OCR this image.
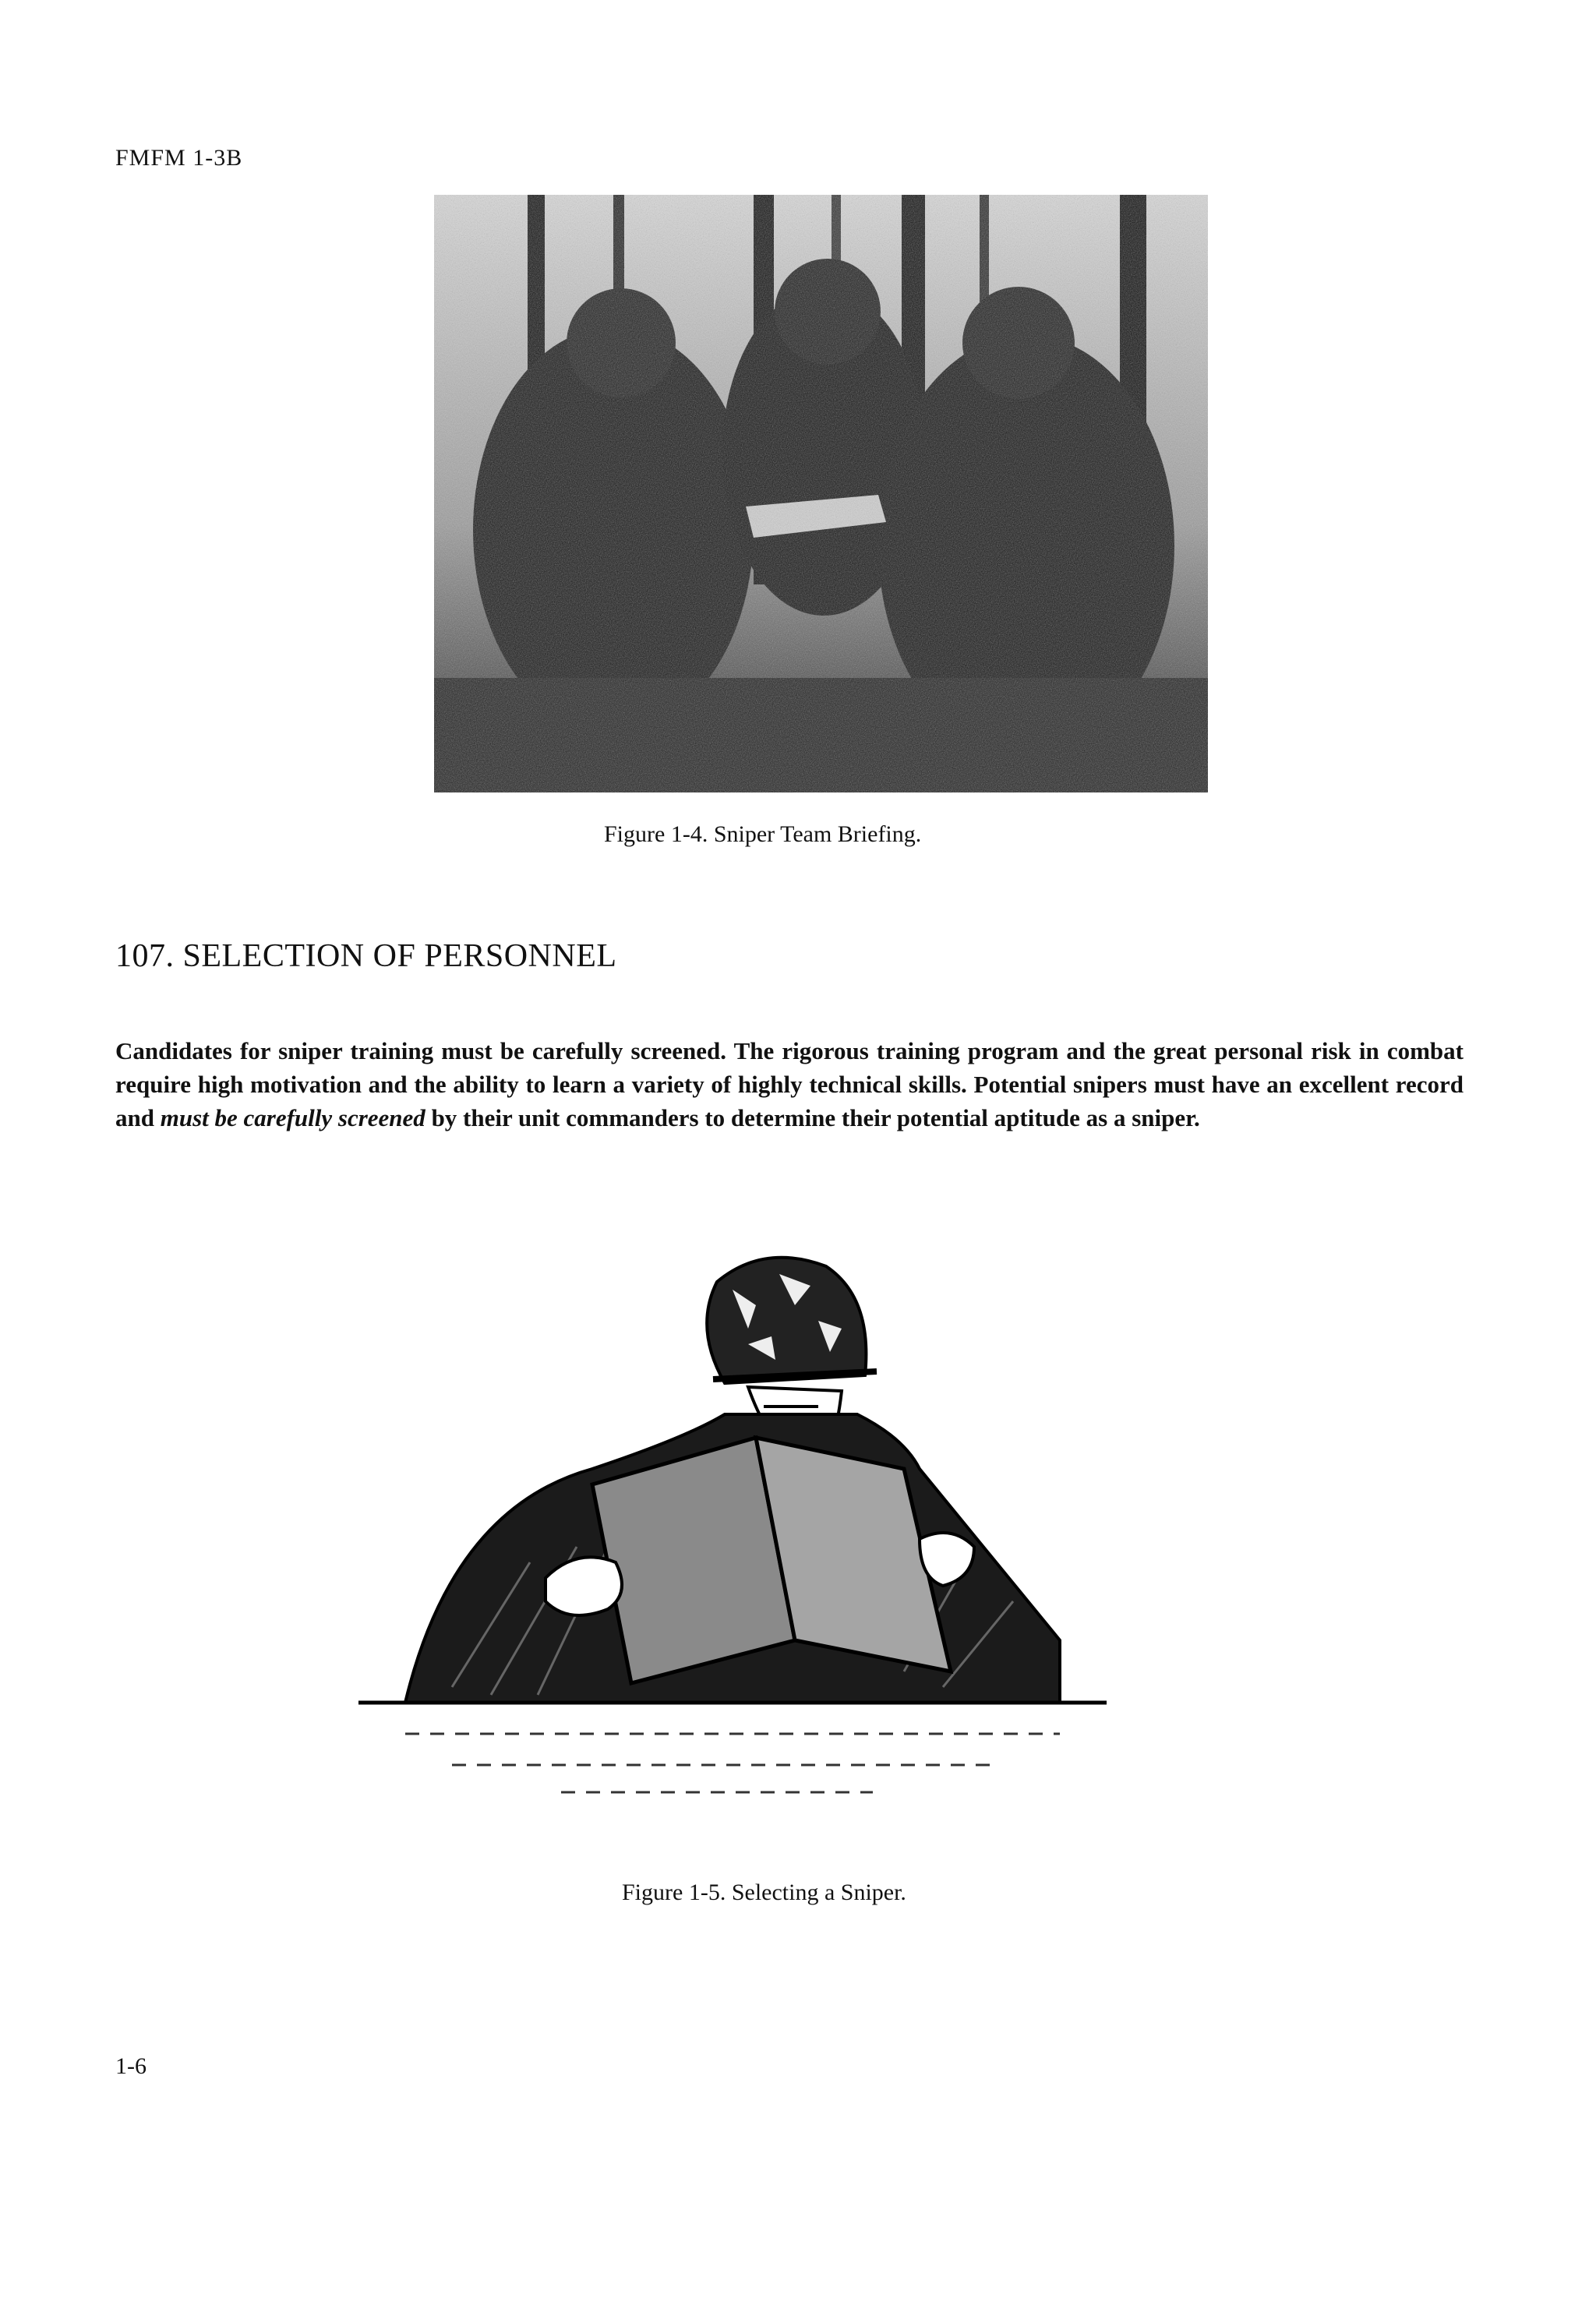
FMFM 1-3B
Figure 1-4. Sniper Team Briefing.
107. SELECTION OF PERSONNEL

Candidates for sniper training must be carefully screened. The rigorous training program and the great personal risk in combat require high motivation and the ability to learn a variety of highly technical skills. Potential snipers must have an excellent record and must be carefully screened by their unit commanders to determine their potential aptitude as a sniper.

Figure 1-5. Selecting a Sniper.
1-6
